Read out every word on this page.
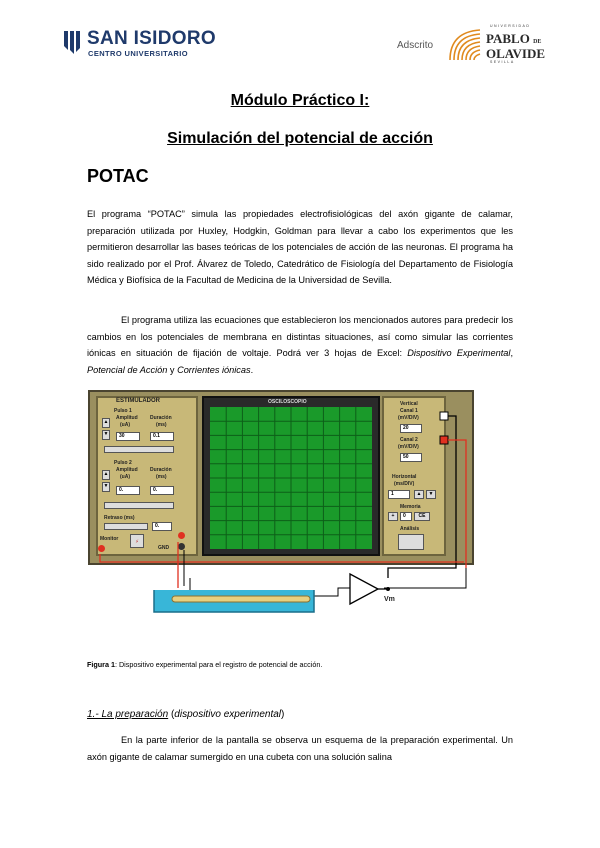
SAN ISIDORO
CENTRO UNIVERSITARIO
Adscrito
UNIVERSIDAD
PABLO DE
OLAVIDE
SEVILLA
Módulo Práctico I:
Simulación del potencial de acción
POTAC
El programa “POTAC” simula las propiedades electrofisiológicas del axón gigante de calamar, preparación utilizada por Huxley, Hodgkin, Goldman para llevar a cabo los experimentos que les permitieron desarrollar las bases teóricas de los potenciales de acción de las neuronas. El programa ha sido realizado por el Prof. Álvarez de Toledo, Catedrático de Fisiología del Departamento de Fisiología Médica y Biofísica de la Facultad de Medicina de la Universidad de Sevilla.
El programa utiliza las ecuaciones que establecieron los mencionados autores para predecir los cambios en los potenciales de membrana en distintas situaciones, así como simular las corrientes iónicas en situación de fijación de voltaje. Podrá ver 3 hojas de Excel: Dispositivo Experimental, Potencial de Acción y Corrientes iónicas.
ESTIMULADOR
Pulso 1
Amplitud Duración
(uA)	(ms)
▲
▼	30	0.1
Pulso 2
Amplitud Duración
(uA)	(ms)
▲
▼
0.	0.
Retraso (ms)
0.
Monitor	⚡
GND
OSCILOSCOPIO	Vertical
Canal 1
(mV/DIV)
20
Canal 2
(mV/DIV)
50
Horizontal
(ms/DIV)
1	▲	▼
Memoria
+	0	CE
Análisis
Vm
Figura 1: Dispositivo experimental para el registro de potencial de acción.
1.- La preparación (dispositivo experimental)
En la parte inferior de la pantalla se observa un esquema de la preparación experimental. Un axón gigante de calamar sumergido en una cubeta con una solución salina
